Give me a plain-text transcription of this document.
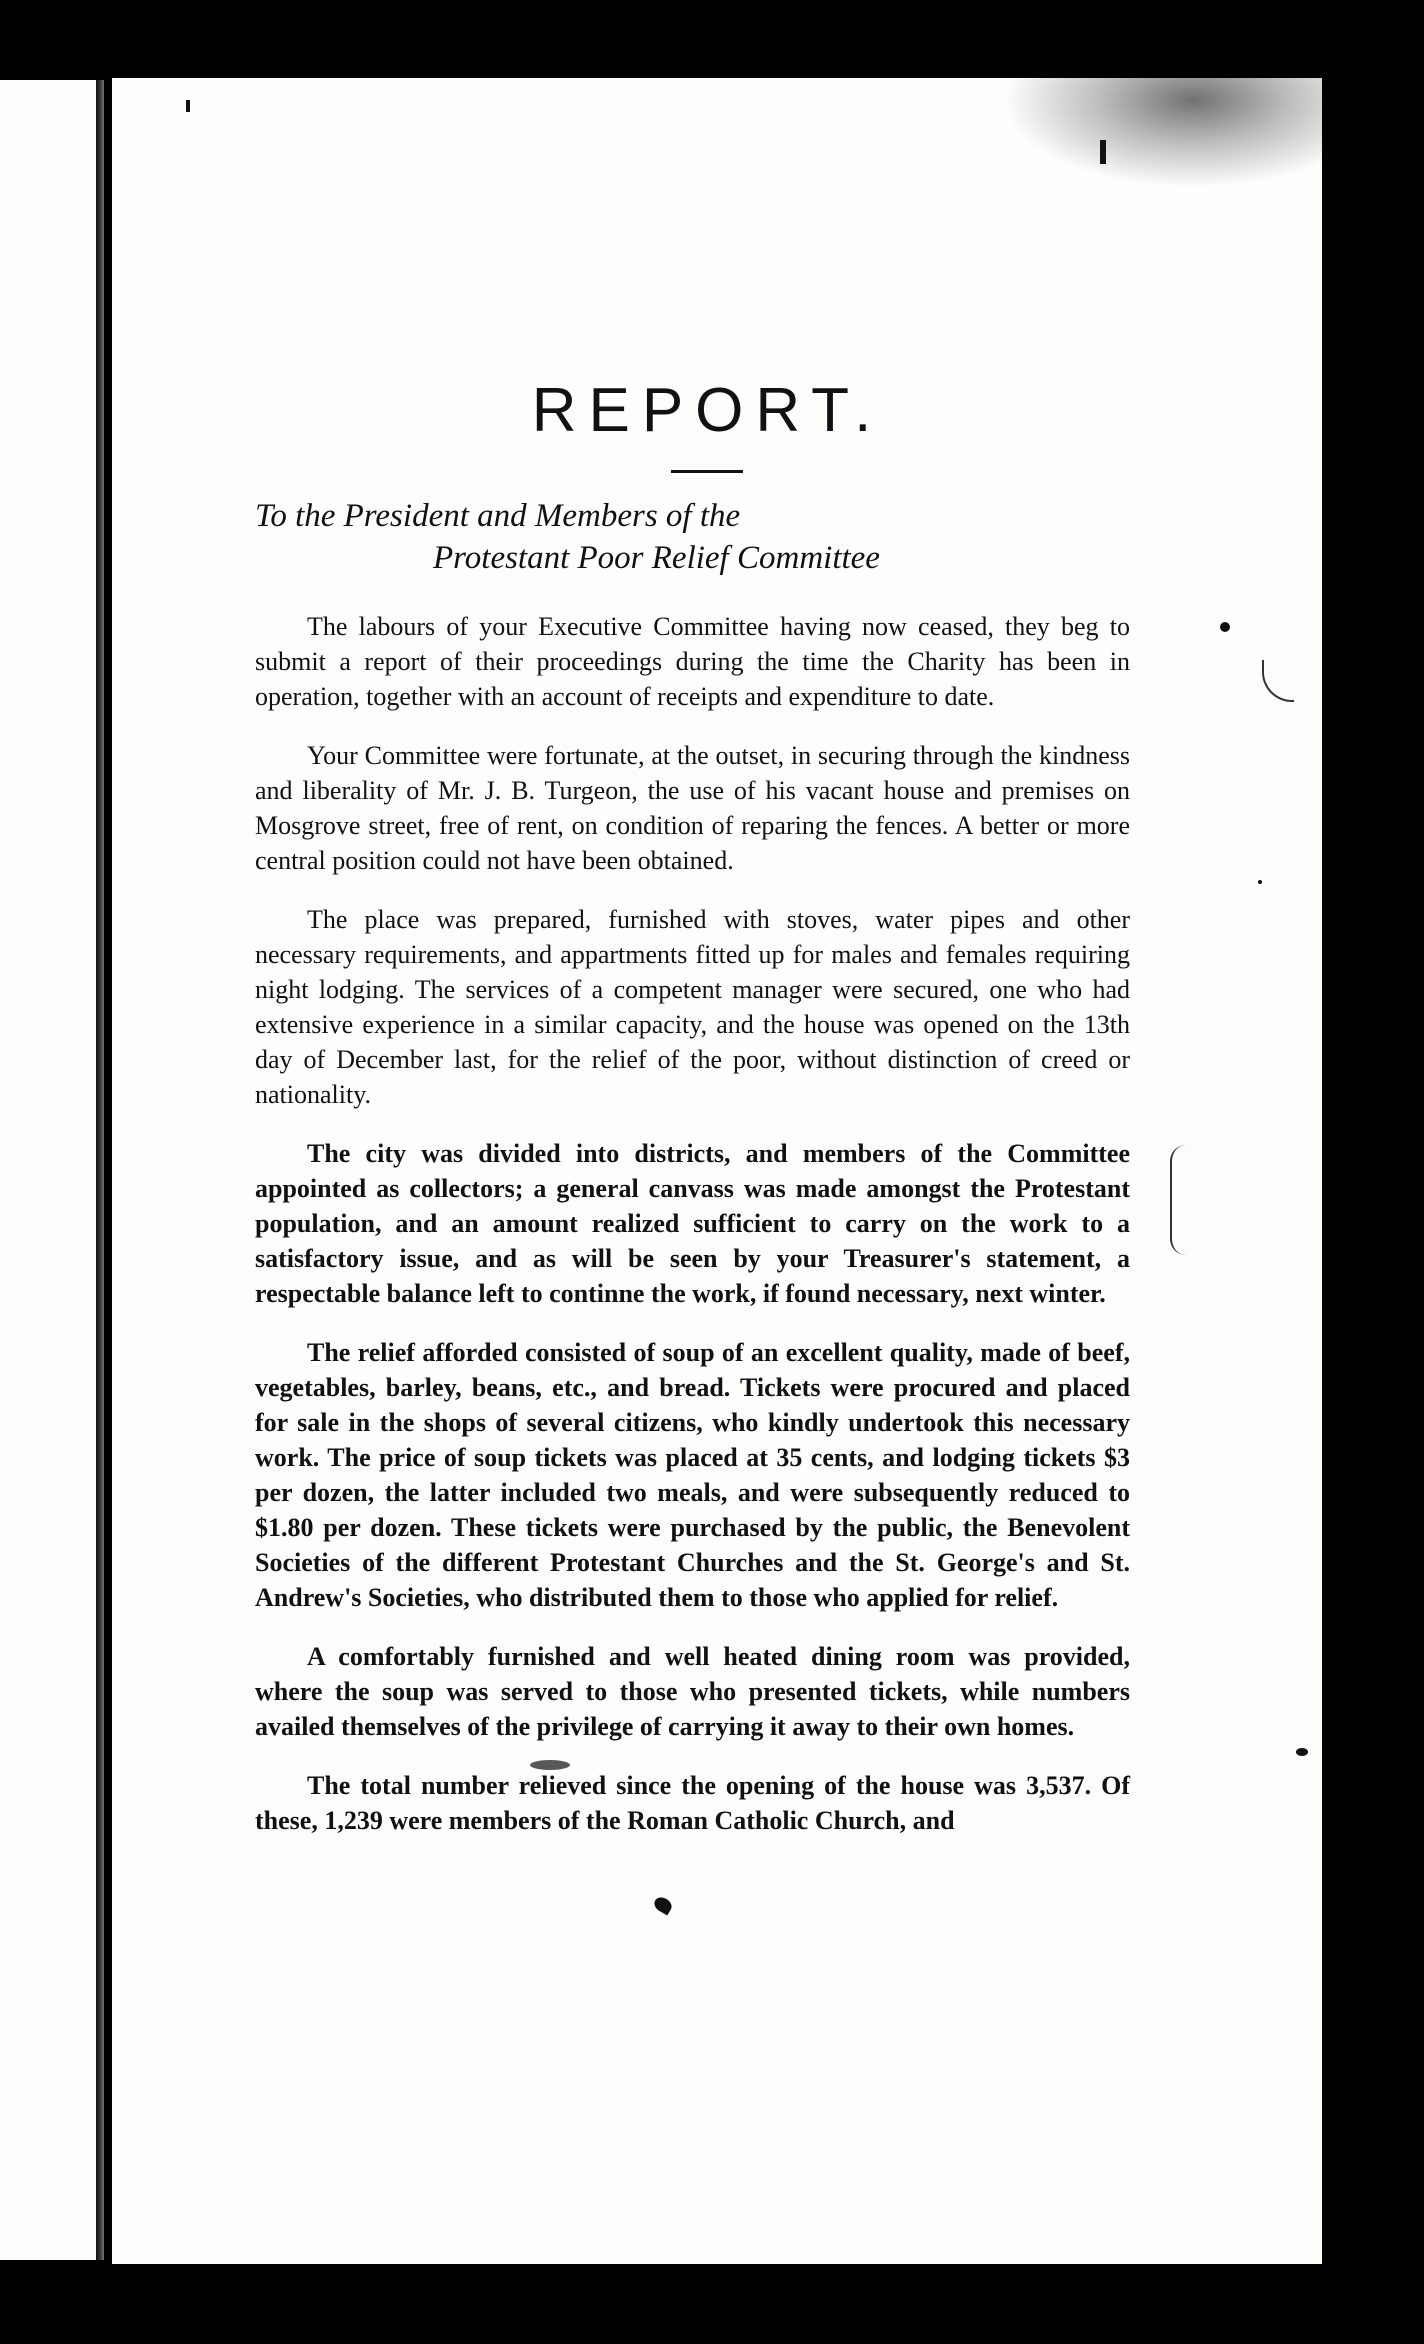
REPORT.

To the President and Members of the
Protestant Poor Relief Committee

The labours of your Executive Committee having now ceased, they beg to submit a report of their proceedings during the time the Charity has been in operation, together with an account of receipts and expenditure to date.

Your Committee were fortunate, at the outset, in securing through the kindness and liberality of Mr. J. B. Turgeon, the use of his vacant house and premises on Mosgrove street, free of rent, on condition of reparing the fences. A better or more central position could not have been obtained.

The place was prepared, furnished with stoves, water pipes and other necessary requirements, and appartments fitted up for males and females requiring night lodging. The services of a competent manager were secured, one who had extensive experience in a similar capacity, and the house was opened on the 13th day of December last, for the relief of the poor, without distinction of creed or nationality.

The city was divided into districts, and members of the Committee appointed as collectors; a general canvass was made amongst the Protestant population, and an amount realized sufficient to carry on the work to a satisfactory issue, and as will be seen by your Treasurer's statement, a respectable balance left to continne the work, if found necessary, next winter.

The relief afforded consisted of soup of an excellent quality, made of beef, vegetables, barley, beans, etc., and bread. Tickets were procured and placed for sale in the shops of several citizens, who kindly undertook this necessary work. The price of soup tickets was placed at 35 cents, and lodging tickets $3 per dozen, the latter included two meals, and were subsequently reduced to $1.80 per dozen. These tickets were purchased by the public, the Benevolent Societies of the different Protestant Churches and the St. George's and St. Andrew's Societies, who distributed them to those who applied for relief.

A comfortably furnished and well heated dining room was provided, where the soup was served to those who presented tickets, while numbers availed themselves of the privilege of carrying it away to their own homes.

The total number relieved since the opening of the house was 3,537. Of these, 1,239 were members of the Roman Catholic Church, and
